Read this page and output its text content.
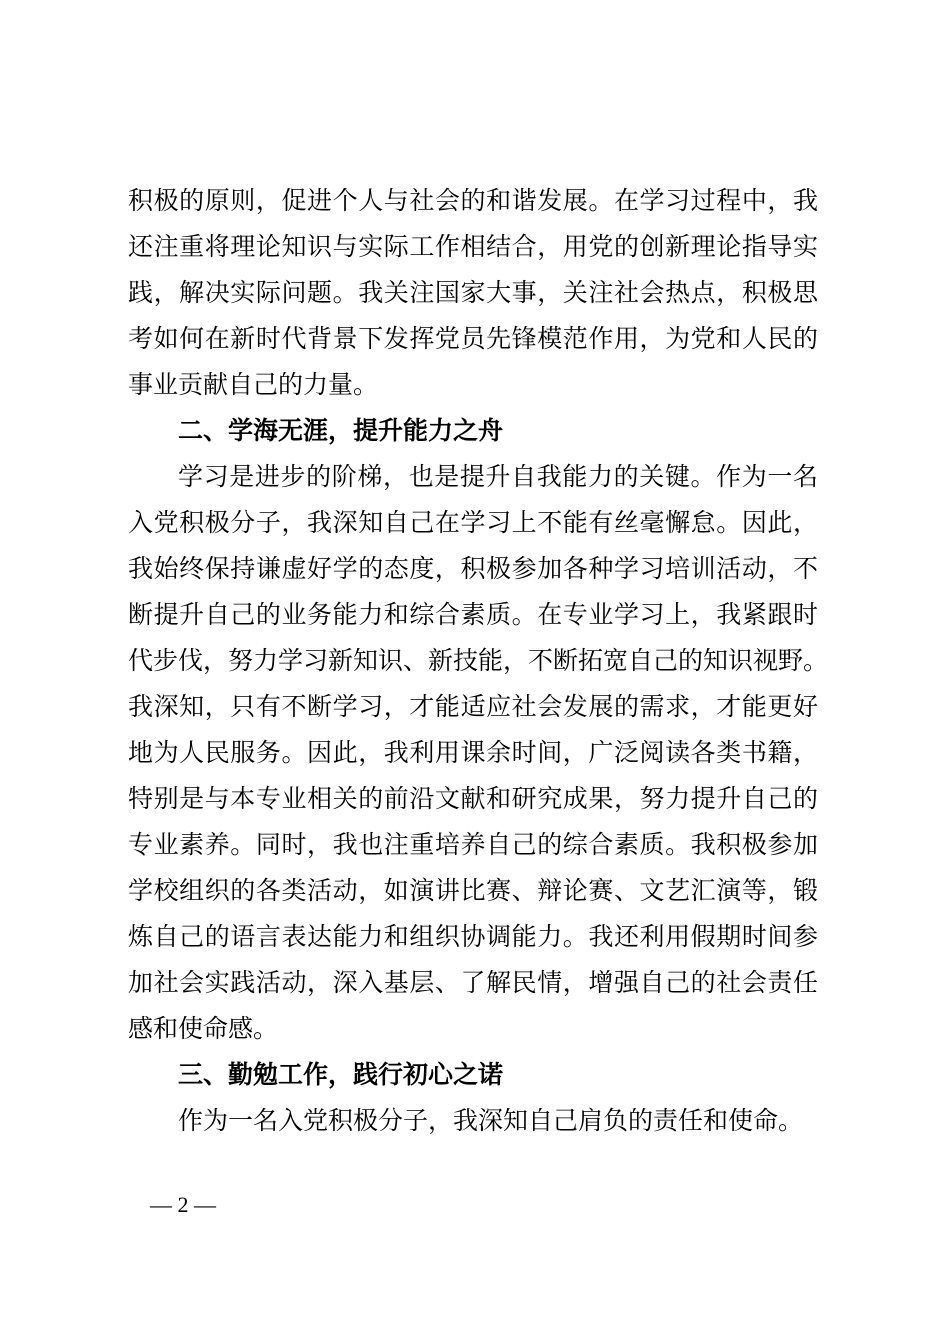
积极的原则，促进个人与社会的和谐发展。在学习过程中，我
还注重将理论知识与实际工作相结合，用党的创新理论指导实
践，解决实际问题。我关注国家大事，关注社会热点，积极思
考如何在新时代背景下发挥党员先锋模范作用，为党和人民的
事业贡献自己的力量。
二、学海无涯，提升能力之舟
学习是进步的阶梯，也是提升自我能力的关键。作为一名
入党积极分子，我深知自己在学习上不能有丝毫懈怠。因此，
我始终保持谦虚好学的态度，积极参加各种学习培训活动，不
断提升自己的业务能力和综合素质。在专业学习上，我紧跟时
代步伐，努力学习新知识、新技能，不断拓宽自己的知识视野。
我深知，只有不断学习，才能适应社会发展的需求，才能更好
地为人民服务。因此，我利用课余时间，广泛阅读各类书籍，
特别是与本专业相关的前沿文献和研究成果，努力提升自己的
专业素养。同时，我也注重培养自己的综合素质。我积极参加
学校组织的各类活动，如演讲比赛、辩论赛、文艺汇演等，锻
炼自己的语言表达能力和组织协调能力。我还利用假期时间参
加社会实践活动，深入基层、了解民情，增强自己的社会责任
感和使命感。
三、勤勉工作，践行初心之诺
作为一名入党积极分子，我深知自己肩负的责任和使命。
— 2 —
